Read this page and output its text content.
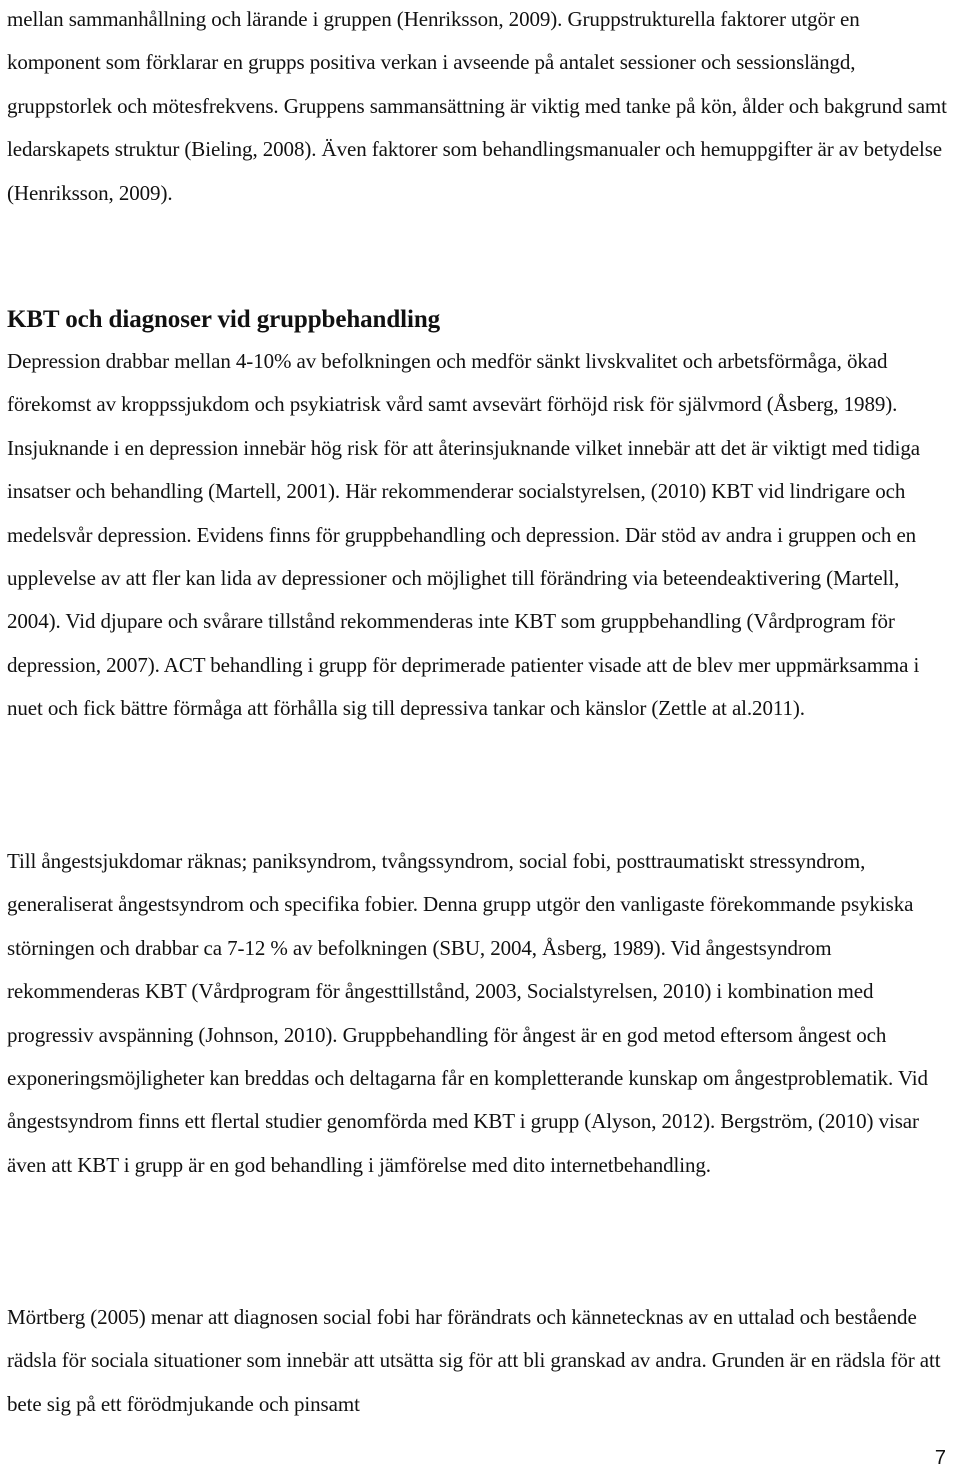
mellan sammanhållning och lärande i gruppen (Henriksson, 2009). Gruppstrukturella faktorer utgör en komponent som förklarar en grupps positiva verkan i avseende på antalet sessioner och sessionslängd, gruppstorlek och mötesfrekvens. Gruppens sammansättning är viktig med tanke på kön, ålder och bakgrund samt ledarskapets struktur (Bieling, 2008). Även faktorer som behandlingsmanualer och hemuppgifter är av betydelse (Henriksson, 2009).

KBT och diagnoser vid gruppbehandling

Depression drabbar mellan 4-10% av befolkningen och medför sänkt livskvalitet och arbetsförmåga, ökad förekomst av kroppssjukdom och psykiatrisk vård samt avsevärt förhöjd risk för självmord (Åsberg, 1989). Insjuknande i en depression innebär hög risk för att återinsjuknande vilket innebär att det är viktigt med tidiga insatser och behandling (Martell, 2001). Här rekommenderar socialstyrelsen, (2010) KBT vid lindrigare och medelsvår depression. Evidens finns för gruppbehandling och depression. Där stöd av andra i gruppen och en upplevelse av att fler kan lida av depressioner och möjlighet till förändring via beteendeaktivering (Martell, 2004). Vid djupare och svårare tillstånd rekommenderas inte KBT som gruppbehandling (Vårdprogram för depression, 2007). ACT behandling i grupp för deprimerade patienter visade att de blev mer uppmärksamma i nuet och fick bättre förmåga att förhålla sig till depressiva tankar och känslor (Zettle at al.2011).

Till ångestsjukdomar räknas; paniksyndrom, tvångssyndrom, social fobi, posttraumatiskt stressyndrom, generaliserat ångestsyndrom och specifika fobier. Denna grupp utgör den vanligaste förekommande psykiska störningen och drabbar ca 7-12 % av befolkningen (SBU, 2004, Åsberg, 1989). Vid ångestsyndrom rekommenderas KBT (Vårdprogram för ångesttillstånd, 2003, Socialstyrelsen, 2010) i kombination med progressiv avspänning (Johnson, 2010). Gruppbehandling för ångest är en god metod eftersom ångest och exponeringsmöjligheter kan breddas och deltagarna får en kompletterande kunskap om ångestproblematik. Vid ångestsyndrom finns ett flertal studier genomförda med KBT i grupp (Alyson, 2012). Bergström, (2010) visar även att KBT i grupp är en god behandling i jämförelse med dito internetbehandling.

Mörtberg (2005) menar att diagnosen social fobi har förändrats och kännetecknas av en uttalad och bestående rädsla för sociala situationer som innebär att utsätta sig för att bli granskad av andra. Grunden är en rädsla för att bete sig på ett förödmjukande och pinsamt

7
